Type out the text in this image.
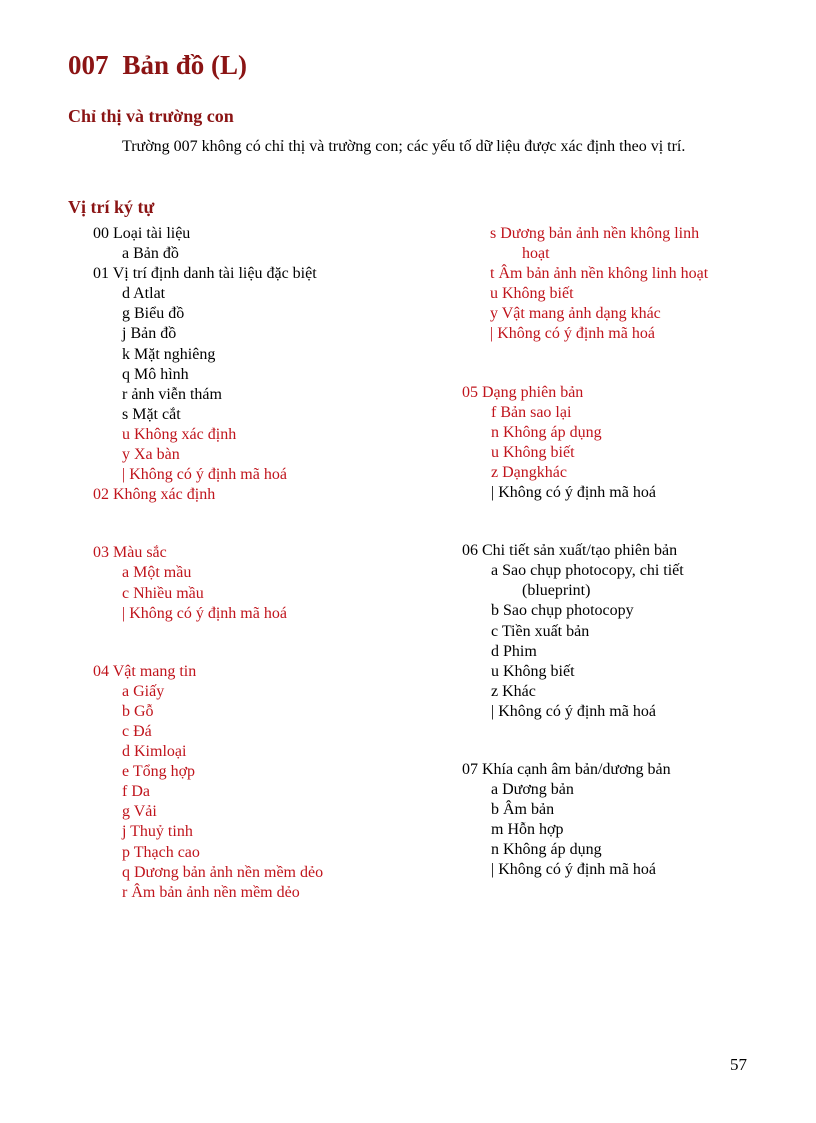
007 Bản đồ (L)
Chỉ thị và trường con

Trường 007 không có chỉ thị và trường con; các yếu tố dữ liệu được xác định theo vị trí.

Vị trí ký tự
00 Loại tài liệu
a Bản đồ
01 Vị trí định danh tài liệu đặc biệt
d Atlat
g Biểu đồ
j Bản đồ
k Mặt nghiêng
q Mô hình
r ảnh viễn thám
s Mặt cắt
u Không xác định
y Xa bàn
| Không có ý định mã hoá
02 Không xác định
03 Màu sắc
a Một mầu
c Nhiều mầu
| Không có ý định mã hoá
04 Vật mang tin
a Giấy
b Gỗ
c Đá
d Kimloại
e Tổng hợp
f Da
g Vải
j Thuỷ tinh
p Thạch cao
q Dương bản ảnh nền mềm dẻo
r Âm bản ảnh nền mềm dẻo
s Dương bản ảnh nền không linh
hoạt
t Âm bản ảnh nền không linh hoạt
u Không biết
y Vật mang ảnh dạng khác
| Không có ý định mã hoá
05 Dạng phiên bản
f Bản sao lại
n Không áp dụng
u Không biết
z Dạngkhác
| Không có ý định mã hoá
06 Chi tiết sản xuất/tạo phiên bản
a Sao chụp photocopy, chi tiết
(blueprint)
b Sao chụp photocopy
c Tiền xuất bản
d Phim
u Không biết
z Khác
| Không có ý định mã hoá
07 Khía cạnh âm bản/dương bản
a Dương bản
b Âm bản
m Hỗn hợp
n Không áp dụng
| Không có ý định mã hoá
57
